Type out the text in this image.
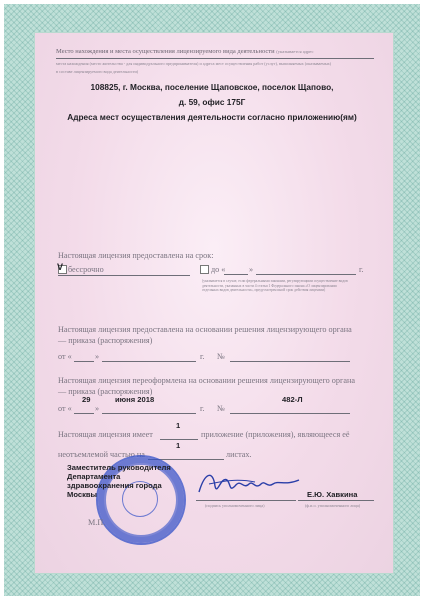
Место нахождения и места осуществления лицензируемого вида деятельности (указывается адрес
места нахождения (место жительства - для индивидуального предпринимателя) и адреса мест осуществления работ (услуг), выполняемых (оказываемых)
в составе лицензируемого вида деятельности)
108825, г. Москва, поселение Щаповское, поселок Щапово,
д. 59, офис 175Г
Адреса мест осуществления деятельности согласно приложению(ям)
Настоящая лицензия предоставлена на срок:
V бессрочно	до «	»	г.
(указывается в случае, если федеральными законами, регулирующими осуществление видов деятельности, указанных в части 4 статьи 1 Федерального закона «О лицензировании отдельных видов деятельности», предусмотрен иной срок действия лицензии)
Настоящая лицензия предоставлена на основании решения лицензирующего органа
— приказа (распоряжения)
от «	»	г. №
Настоящая лицензия переоформлена на основании решения лицензирующего органа
— приказа (распоряжения)
29	июня 2018	482-Л
от «	»	г. №
1
Настоящая лицензия имеет	приложение (приложения), являющееся её
1
неотъемлемой частью на	листах.
Заместитель руководителя
Департамента
здравоохранения города
Москвы
(подпись уполномоченного лица)
Е.Ю. Хавкина
(ф.и.о. уполномоченного лица)
М.П.
